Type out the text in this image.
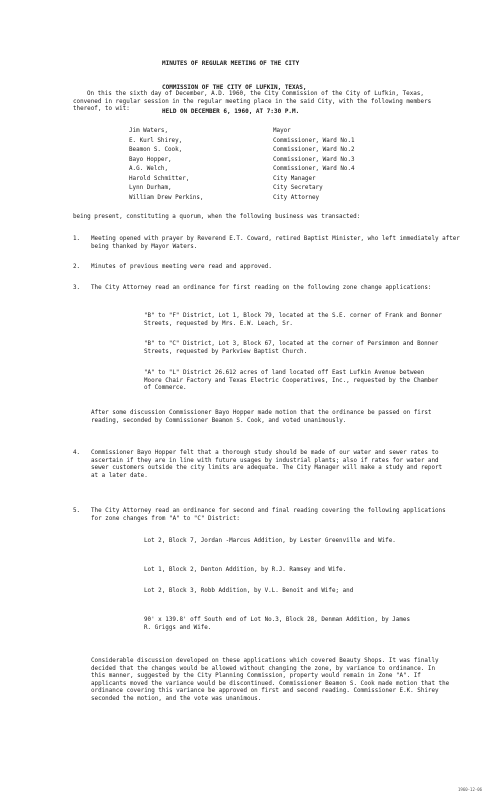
MINUTES OF REGULAR MEETING OF THE CITY

COMMISSION OF THE CITY OF LUFKIN, TEXAS,

HELD ON DECEMBER 6, 1960, AT 7:30 P.M.

On this the sixth day of December, A.D. 1960, the City Commission of the City of Lufkin, Texas, convened in regular session in the regular meeting place in the said City, with the following members thereof, to wit:
Jim Waters,	Mayor
E. Kurl Shirey,	Commissioner, Ward No.1
Beamon S. Cook,	Commissioner, Ward No.2
Bayo Hopper,	Commissioner, Ward No.3
A.G. Welch,	Commissioner, Ward No.4
Harold Schmitter,	City Manager
Lynn Durham,	City Secretary
William Drew Perkins,	City Attorney
being present, constituting a quorum, when the following business was transacted:
1. Meeting opened with prayer by Reverend E.T. Coward, retired Baptist Minister, who left immediately after being thanked by Mayor Waters.
2. Minutes of previous meeting were read and approved.
3. The City Attorney read an ordinance for first reading on the following zone change applications:
"B" to "F" District, Lot 1, Block 79, located at the S.E. corner of Frank and Bonner Streets, requested by Mrs. E.W. Leach, Sr.
"B" to "C" District, Lot 3, Block 67, located at the corner of Persimmon and Bonner Streets, requested by Parkview Baptist Church.
"A" to "L" District 26.612 acres of land located off East Lufkin Avenue between Moore Chair Factory and Texas Electric Cooperatives, Inc., requested by the Chamber of Commerce.
After some discussion Commissioner Bayo Hopper made motion that the ordinance be passed on first reading, seconded by Commissioner Beamon S. Cook, and voted unanimously.
4. Commissioner Bayo Hopper felt that a thorough study should be made of our water and sewer rates to ascertain if they are in line with future usages by industrial plants; also if rates for water and sewer customers outside the city limits are adequate. The City Manager will make a study and report at a later date.
5. The City Attorney read an ordinance for second and final reading covering the following applications for zone changes from "A" to "C" District:
Lot 2, Block 7, Jordan -Marcus Addition, by Lester Greenville and Wife.
Lot 1, Block 2, Denton Addition, by R.J. Ramsey and Wife.
Lot 2, Block 3, Robb Addition, by V.L. Benoit and Wife; and
90' x 139.8' off South end of Lot No.3, Block 28, Denman Addition, by James R. Griggs and Wife.
Considerable discussion developed on these applications which covered Beauty Shops. It was finally decided that the changes would be allowed without changing the zone, by variance to ordinance. In this manner, suggested by the City Planning Commission, property would remain in Zone "A". If applicants moved the variance would be discontinued. Commissioner Beamon S. Cook made motion that the ordinance covering this variance be approved on first and second reading. Commissioner E.K. Shirey seconded the motion, and the vote was unanimous.
1960-12-06
